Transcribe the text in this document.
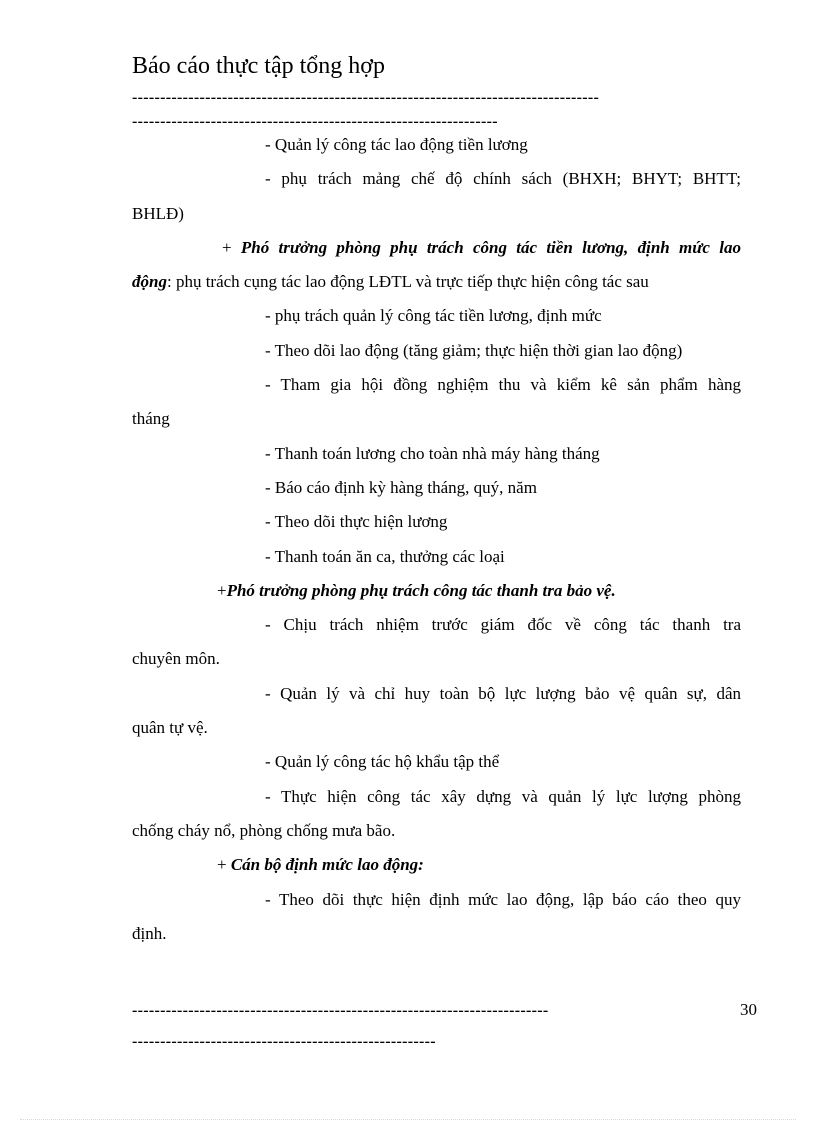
Báo cáo thực tập tổng hợp
-----------------------------------------------------------------------------------
-----------------------------------------------------------------

- Quản lý công tác lao động tiền lương

- phụ trách mảng chế độ chính sách (BHXH; BHYT; BHTT;

BHLĐ)

+ Phó trưởng phòng phụ trách công tác tiền lương, định mức lao

động: phụ trách cụng tác lao động LĐTL và trực tiếp thực hiện công tác sau

- phụ trách quản lý công tác tiền lương, định mức

- Theo dõi lao động (tăng giảm; thực hiện thời gian lao động)

- Tham gia hội đồng nghiệm thu và kiểm kê sản phẩm hàng

tháng

- Thanh toán lương cho toàn nhà máy hàng tháng

- Báo cáo định kỳ hàng tháng, quý, năm

- Theo dõi thực hiện lương

- Thanh toán ăn ca, thưởng các loại

+Phó trưởng phòng phụ trách công tác thanh tra bảo vệ.

- Chịu trách nhiệm trước giám đốc về công tác thanh tra

chuyên môn.

- Quản lý và chỉ huy toàn bộ lực lượng bảo vệ quân sự, dân

quân tự vệ.

- Quản lý công tác hộ khẩu tập thể

- Thực hiện công tác xây dựng và quản lý lực lượng phòng

chống cháy nổ, phòng chống mưa bão.

+ Cán bộ định mức lao động:

- Theo dõi thực hiện định mức lao động, lập báo cáo theo quy

định.

--------------------------------------------------------------------------	30
------------------------------------------------------
